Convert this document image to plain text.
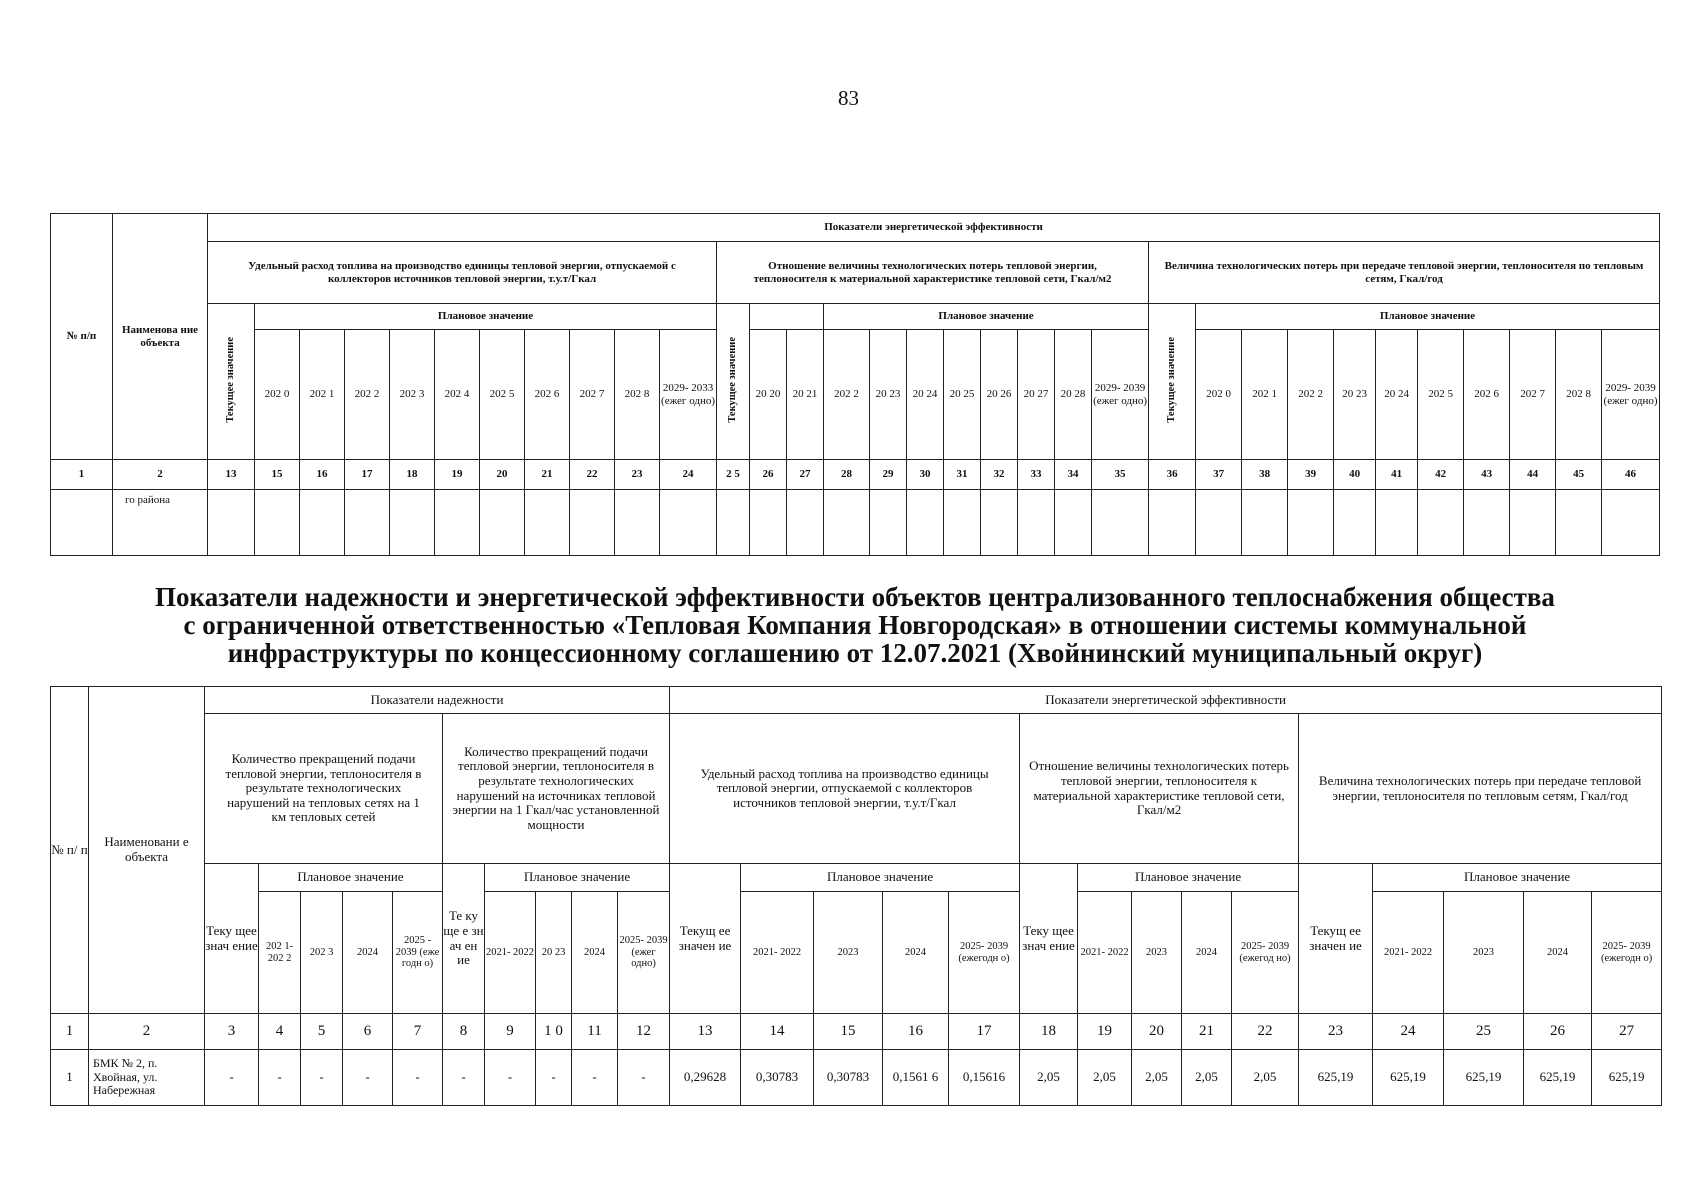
83
№ п/п	Наименова ние объекта	Показатели энергетической эффективности																																
		Удельный расход топлива на производство единицы тепловой энергии, отпускаемой с коллекторов источников тепловой энергии, т.у.т/Гкал											Отношение величины технологических потерь тепловой энергии, теплоносителя к материальной характеристике тепловой сети, Гкал/м2											Величина технологических потерь при передаче тепловой энергии, теплоносителя по тепловым сетям, Гкал/год										
		Текущее значение	Плановое значение										Текущее значение			Плановое значение								Текущее значение	Плановое значение									
			202 0	202 1	202 2	202 3	202 4	202 5	202 6	202 7	202 8	2029- 2033 (ежег одно)		20 20	20 21	202 2	20 23	20 24	20 25	20 26	20 27	20 28	2029- 2039 (ежег одно)		202 0	202 1	202 2	20 23	20 24	202 5	202 6	202 7	202 8	2029- 2039 (ежег одно)
1	2	13	15	16	17	18	19	20	21	22	23	24	2 5	26	27	28	29	30	31	32	33	34	35	36	37	38	39	40	41	42	43	44	45	46
	го района																																	
Показатели надежности и энергетической эффективности объектов централизованного теплоснабжения общества
с ограниченной ответственностью «Тепловая Компания Новгородская» в отношении системы коммунальной
инфраструктуры по концессионному соглашению от 12.07.2021 (Хвойнинский муниципальный округ)
№ п/ п	Наименовани е объекта	Показатели надежности										Показатели энергетической эффективности														
		Количество прекращений подачи тепловой энергии, теплоносителя в результате технологических нарушений на тепловых сетях на 1 км тепловых сетей					Количество прекращений подачи тепловой энергии, теплоносителя в результате технологических нарушений на источниках тепловой энергии на 1 Гкал/час установленной мощности					Удельный расход топлива на производство единицы тепловой энергии, отпускаемой с коллекторов источников тепловой энергии, т.у.т/Гкал					Отношение величины технологических потерь тепловой энергии, теплоносителя к материальной характеристике тепловой сети, Гкал/м2					Величина технологических потерь при передаче тепловой энергии, теплоносителя по тепловым сетям, Гкал/год				
		Теку щее знач ение	Плановое значение				Те ку ще е зн ач ен ие	Плановое значение				Текущ ее значен ие	Плановое значение				Теку щее знач ение	Плановое значение				Текущ ее значен ие	Плановое значение			
			202 1- 202 2	202 3	2024	2025 - 2039 (еже годн о)		2021- 2022	20 23	2024	2025- 2039 (ежег одно)		2021- 2022	2023	2024	2025- 2039 (ежегодн о)		2021- 2022	2023	2024	2025- 2039 (ежегод но)		2021- 2022	2023	2024	2025- 2039 (ежегодн о)
1	2	3	4	5	6	7	8	9	1 0	11	12	13	14	15	16	17	18	19	20	21	22	23	24	25	26	27
1	БМК № 2, п. Хвойная, ул. Набережная	-	-	-	-	-	-	-	-	-	-	0,29628	0,30783	0,30783	0,1561 6	0,15616	2,05	2,05	2,05	2,05	2,05	625,19	625,19	625,19	625,19	625,19
